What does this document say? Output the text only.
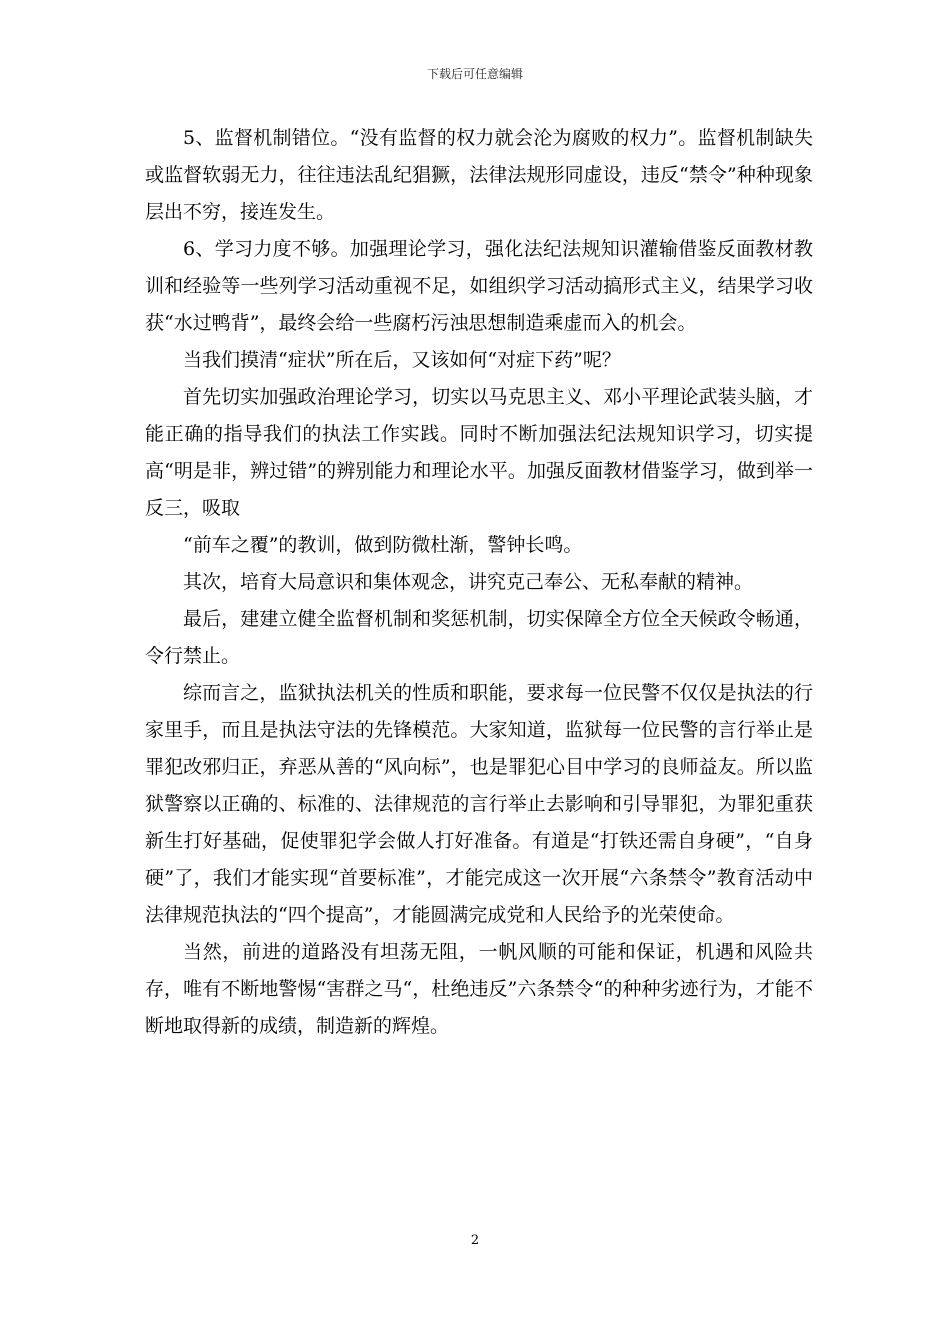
下载后可任意编辑

5、监督机制错位。“没有监督的权力就会沦为腐败的权力”。监督机制缺失或监督软弱无力，往往违法乱纪猖獗，法律法规形同虚设，违反“禁令”种种现象层出不穷，接连发生。

6、学习力度不够。加强理论学习，强化法纪法规知识灌输借鉴反面教材教训和经验等一些列学习活动重视不足，如组织学习活动搞形式主义，结果学习收获“水过鸭背”，最终会给一些腐朽污浊思想制造乘虚而入的机会。

当我们摸清“症状”所在后，又该如何“对症下药”呢？

首先切实加强政治理论学习，切实以马克思主义、邓小平理论武装头脑，才能正确的指导我们的执法工作实践。同时不断加强法纪法规知识学习，切实提高“明是非，辨过错”的辨别能力和理论水平。加强反面教材借鉴学习，做到举一反三，吸取

“前车之覆”的教训，做到防微杜渐，警钟长鸣。

其次，培育大局意识和集体观念，讲究克己奉公、无私奉献的精神。

最后，建建立健全监督机制和奖惩机制，切实保障全方位全天候政令畅通，令行禁止。

综而言之，监狱执法机关的性质和职能，要求每一位民警不仅仅是执法的行家里手，而且是执法守法的先锋模范。大家知道，监狱每一位民警的言行举止是罪犯改邪归正，弃恶从善的“风向标”，也是罪犯心目中学习的良师益友。所以监狱警察以正确的、标准的、法律规范的言行举止去影响和引导罪犯，为罪犯重获新生打好基础，促使罪犯学会做人打好准备。有道是“打铁还需自身硬”，“自身硬”了，我们才能实现“首要标准”，才能完成这一次开展“六条禁令”教育活动中法律规范执法的“四个提高”，才能圆满完成党和人民给予的光荣使命。

当然，前进的道路没有坦荡无阻，一帆风顺的可能和保证，机遇和风险共存，唯有不断地警惕“害群之马“，杜绝违反”六条禁令“的种种劣迹行为，才能不断地取得新的成绩，制造新的辉煌。

2
